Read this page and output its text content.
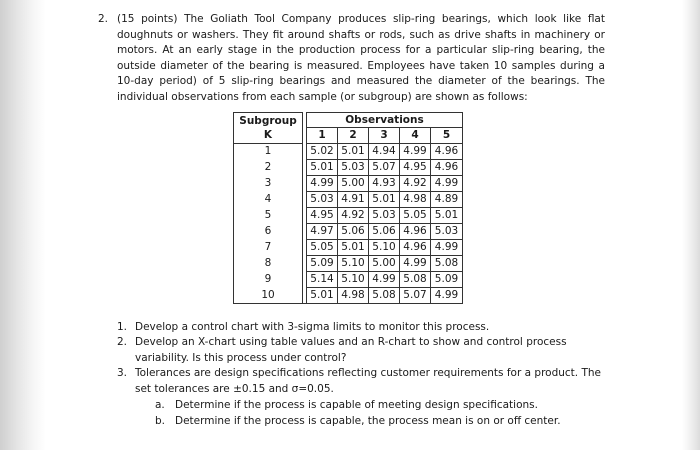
2. (15 points) The Goliath Tool Company produces slip-ring bearings, which look like flat doughnuts or washers. They fit around shafts or rods, such as drive shafts in machinery or motors. At an early stage in the production process for a particular slip-ring bearing, the outside diameter of the bearing is measured. Employees have taken 10 samples during a 10-day period) of 5 slip-ring bearings and measured the diameter of the bearings. The individual observations from each sample (or subgroup) are shown as follows:
Subgroup K		Observations				
		1	2	3	4	5
1		5.02	5.01	4.94	4.99	4.96
2		5.01	5.03	5.07	4.95	4.96
3		4.99	5.00	4.93	4.92	4.99
4		5.03	4.91	5.01	4.98	4.89
5		4.95	4.92	5.03	5.05	5.01
6		4.97	5.06	5.06	4.96	5.03
7		5.05	5.01	5.10	4.96	4.99
8		5.09	5.10	5.00	4.99	5.08
9		5.14	5.10	4.99	5.08	5.09
10		5.01	4.98	5.08	5.07	4.99
1. Develop a control chart with 3-sigma limits to monitor this process.
2. Develop an X-chart using table values and an R-chart to show and control process variability. Is this process under control?
3. Tolerances are design specifications reflecting customer requirements for a product. The set tolerances are ±0.15 and σ=0.05.
a. Determine if the process is capable of meeting design specifications.
b. Determine if the process is capable, the process mean is on or off center.
